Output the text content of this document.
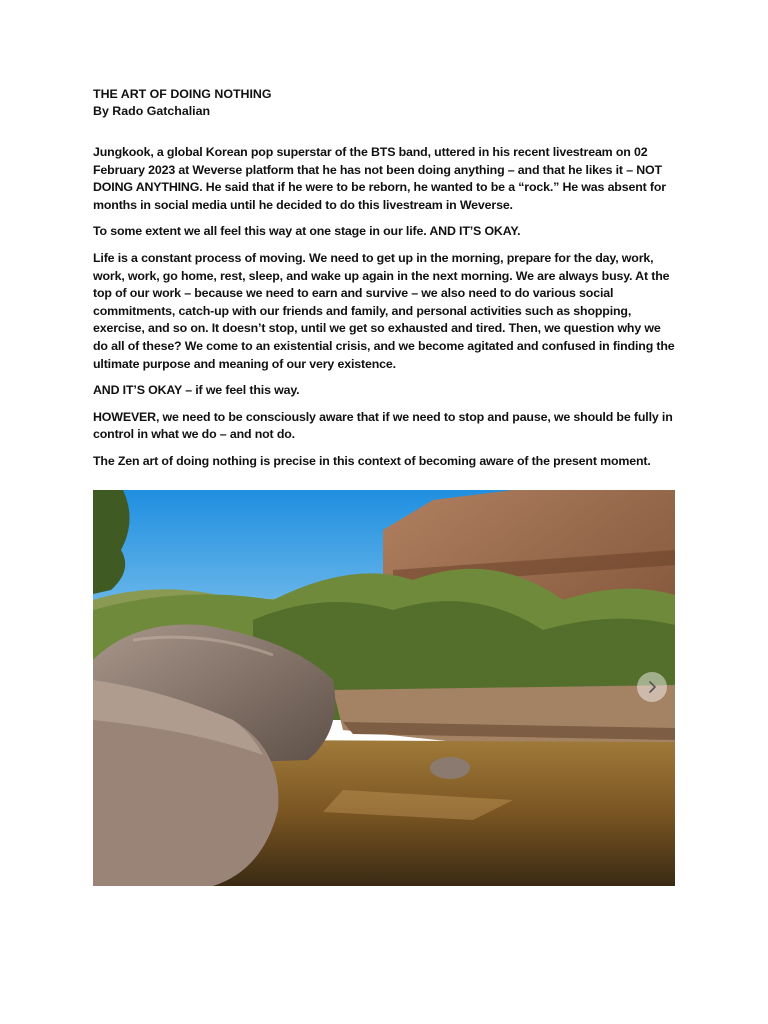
THE ART OF DOING NOTHING

By Rado Gatchalian

Jungkook, a global Korean pop superstar of the BTS band, uttered in his recent livestream on 02 February 2023 at Weverse platform that he has not been doing anything – and that he likes it – NOT DOING ANYTHING. He said that if he were to be reborn, he wanted to be a “rock.” He was absent for months in social media until he decided to do this livestream in Weverse.

To some extent we all feel this way at one stage in our life. AND IT’S OKAY.

Life is a constant process of moving. We need to get up in the morning, prepare for the day, work, work, work, go home, rest, sleep, and wake up again in the next morning. We are always busy. At the top of our work – because we need to earn and survive – we also need to do various social commitments, catch-up with our friends and family, and personal activities such as shopping, exercise, and so on. It doesn’t stop, until we get so exhausted and tired. Then, we question why we do all of these? We come to an existential crisis, and we become agitated and confused in finding the ultimate purpose and meaning of our very existence.

AND IT’S OKAY – if we feel this way.

HOWEVER, we need to be consciously aware that if we need to stop and pause, we should be fully in control in what we do – and not do.

The Zen art of doing nothing is precise in this context of becoming aware of the present moment.
